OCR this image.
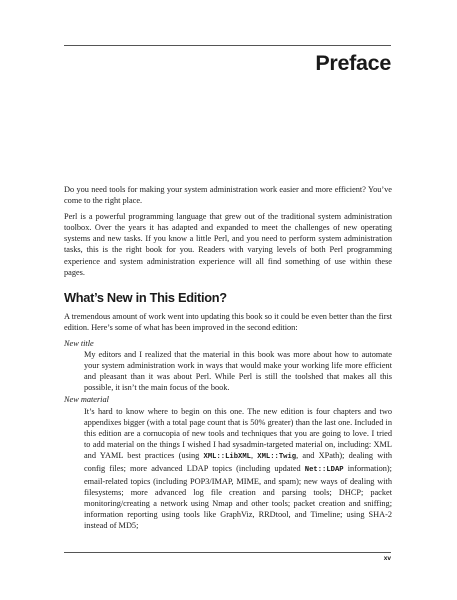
Preface

Do you need tools for making your system administration work easier and more efficient? You’ve come to the right place.

Perl is a powerful programming language that grew out of the traditional system administration toolbox. Over the years it has adapted and expanded to meet the challenges of new operating systems and new tasks. If you know a little Perl, and you need to perform system administration tasks, this is the right book for you. Readers with varying levels of both Perl programming experience and system administration experience will all find something of use within these pages.

What’s New in This Edition?

A tremendous amount of work went into updating this book so it could be even better than the first edition. Here’s some of what has been improved in the second edition:

New title
My editors and I realized that the material in this book was more about how to automate your system administration work in ways that would make your working life more efficient and pleasant than it was about Perl. While Perl is still the toolshed that makes all this possible, it isn’t the main focus of the book.
New material
It’s hard to know where to begin on this one. The new edition is four chapters and two appendixes bigger (with a total page count that is 50% greater) than the last one. Included in this edition are a cornucopia of new tools and techniques that you are going to love. I tried to add material on the things I wished I had sysadmin-targeted material on, including: XML and YAML best practices (using XML::LibXML, XML::Twig, and XPath); dealing with config files; more advanced LDAP topics (including updated Net::LDAP information); email-related topics (including POP3/IMAP, MIME, and spam); new ways of dealing with filesystems; more advanced log file creation and parsing tools; DHCP; packet monitoring/creating a network using Nmap and other tools; packet creation and sniffing; information reporting using tools like GraphViz, RRDtool, and Timeline; using SHA-2 instead of MD5;
xv
